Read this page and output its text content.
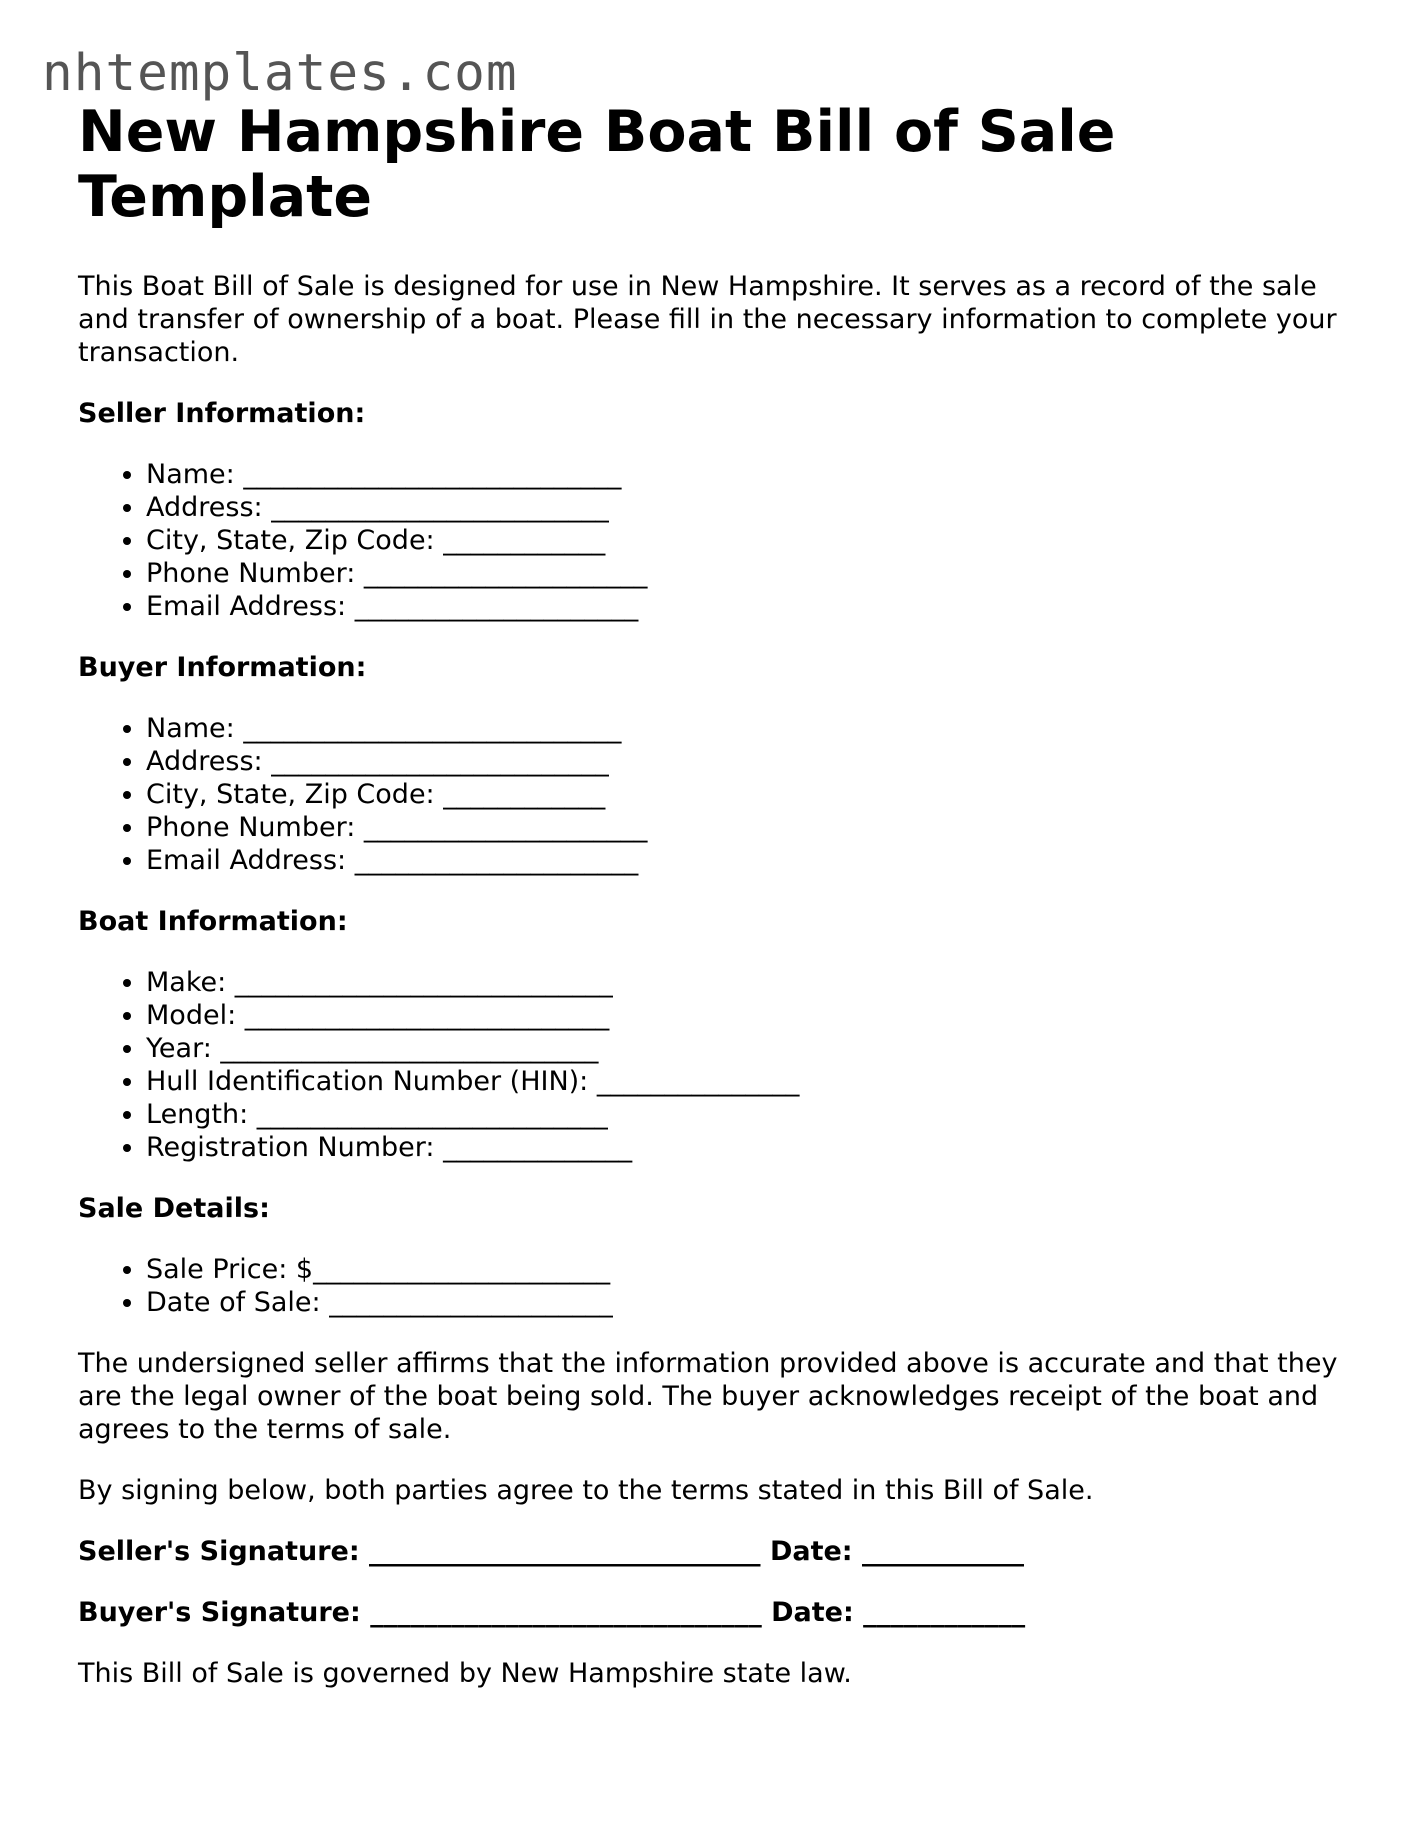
nhtemplates.com
New Hampshire Boat Bill of Sale Template

This Boat Bill of Sale is designed for use in New Hampshire. It serves as a record of the sale and transfer of ownership of a boat. Please fill in the necessary information to complete your transaction.

Seller Information:

• Name: ____________________________
• Address: _________________________
• City, State, Zip Code: ____________
• Phone Number: _____________________
• Email Address: _____________________

Buyer Information:

• Name: ____________________________
• Address: _________________________
• City, State, Zip Code: ____________
• Phone Number: _____________________
• Email Address: _____________________

Boat Information:

• Make: ____________________________
• Model: ___________________________
• Year: ____________________________
• Hull Identification Number (HIN): _______________
• Length: __________________________
• Registration Number: ______________

Sale Details:

• Sale Price: $______________________
• Date of Sale: _____________________

The undersigned seller affirms that the information provided above is accurate and that they are the legal owner of the boat being sold. The buyer acknowledges receipt of the boat and agrees to the terms of sale.

By signing below, both parties agree to the terms stated in this Bill of Sale.

Seller's Signature: _____________________________ Date: ____________

Buyer's Signature: _____________________________ Date: ____________

This Bill of Sale is governed by New Hampshire state law.
